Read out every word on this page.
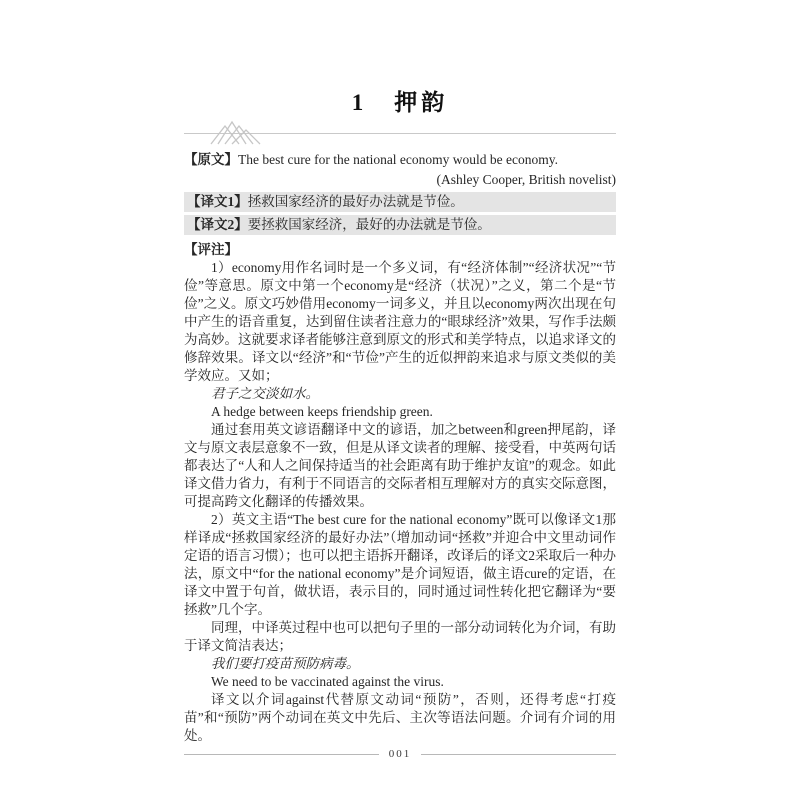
1　押韵

【原文】The best cure for the national economy would be economy.

(Ashley Cooper, British novelist)

【译文1】拯救国家经济的最好办法就是节俭。
【译文2】要拯救国家经济，最好的办法就是节俭。

【评注】

1）economy用作名词时是一个多义词，有“经济体制”“经济状况”“节俭”等意思。原文中第一个economy是“经济（状况）”之义，第二个是“节俭”之义。原文巧妙借用economy一词多义，并且以economy两次出现在句中产生的语音重复，达到留住读者注意力的“眼球经济”效果，写作手法颇为高妙。这就要求译者能够注意到原文的形式和美学特点，以追求译文的修辞效果。译文以“经济”和“节俭”产生的近似押韵来追求与原文类似的美学效应。又如；

君子之交淡如水。

A hedge between keeps friendship green.

通过套用英文谚语翻译中文的谚语，加之between和green押尾韵，译文与原文表层意象不一致，但是从译文读者的理解、接受看，中英两句话都表达了“人和人之间保持适当的社会距离有助于维护友谊”的观念。如此译文借力省力，有利于不同语言的交际者相互理解对方的真实交际意图，可提高跨文化翻译的传播效果。

2）英文主语“The best cure for the national economy”既可以像译文1那样译成“拯救国家经济的最好办法”（增加动词“拯救”并迎合中文里动词作定语的语言习惯）；也可以把主语拆开翻译，改译后的译文2采取后一种办法，原文中“for the national economy”是介词短语，做主语cure的定语，在译文中置于句首，做状语，表示目的，同时通过词性转化把它翻译为“要拯救”几个字。

同理，中译英过程中也可以把句子里的一部分动词转化为介词，有助于译文简洁表达；

我们要打疫苗预防病毒。

We need to be vaccinated against the virus.

译文以介词against代替原文动词“预防”，否则，还得考虑“打疫苗”和“预防”两个动词在英文中先后、主次等语法问题。介词有介词的用处。

001
